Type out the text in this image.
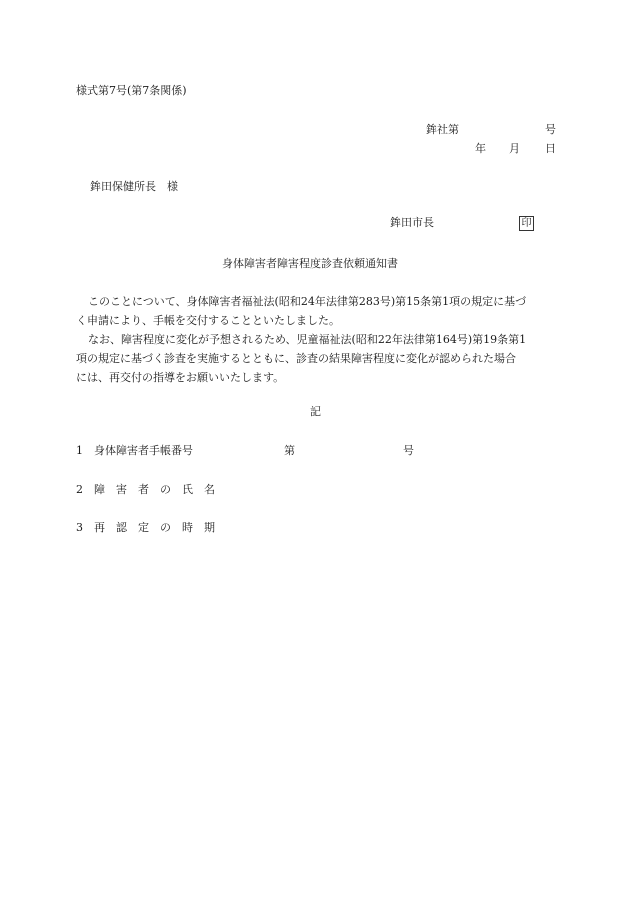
様式第7号(第7条関係)
鉾社第	号
年 月 日
鉾田保健所長　様
鉾田市長	印
身体障害者障害程度診査依頼通知書
このことについて、身体障害者福祉法(昭和24年法律第283号)第15条第1項の規定に基づ
く申請により、手帳を交付することといたしました。
なお、障害程度に変化が予想されるため、児童福祉法(昭和22年法律第164号)第19条第1
項の規定に基づく診査を実施するとともに、診査の結果障害程度に変化が認められた場合
には、再交付の指導をお願いいたします。
記
1　身体障害者手帳番号	第	号
2　障　害　者　の　氏　名
3　再　認　定　の　時　期
